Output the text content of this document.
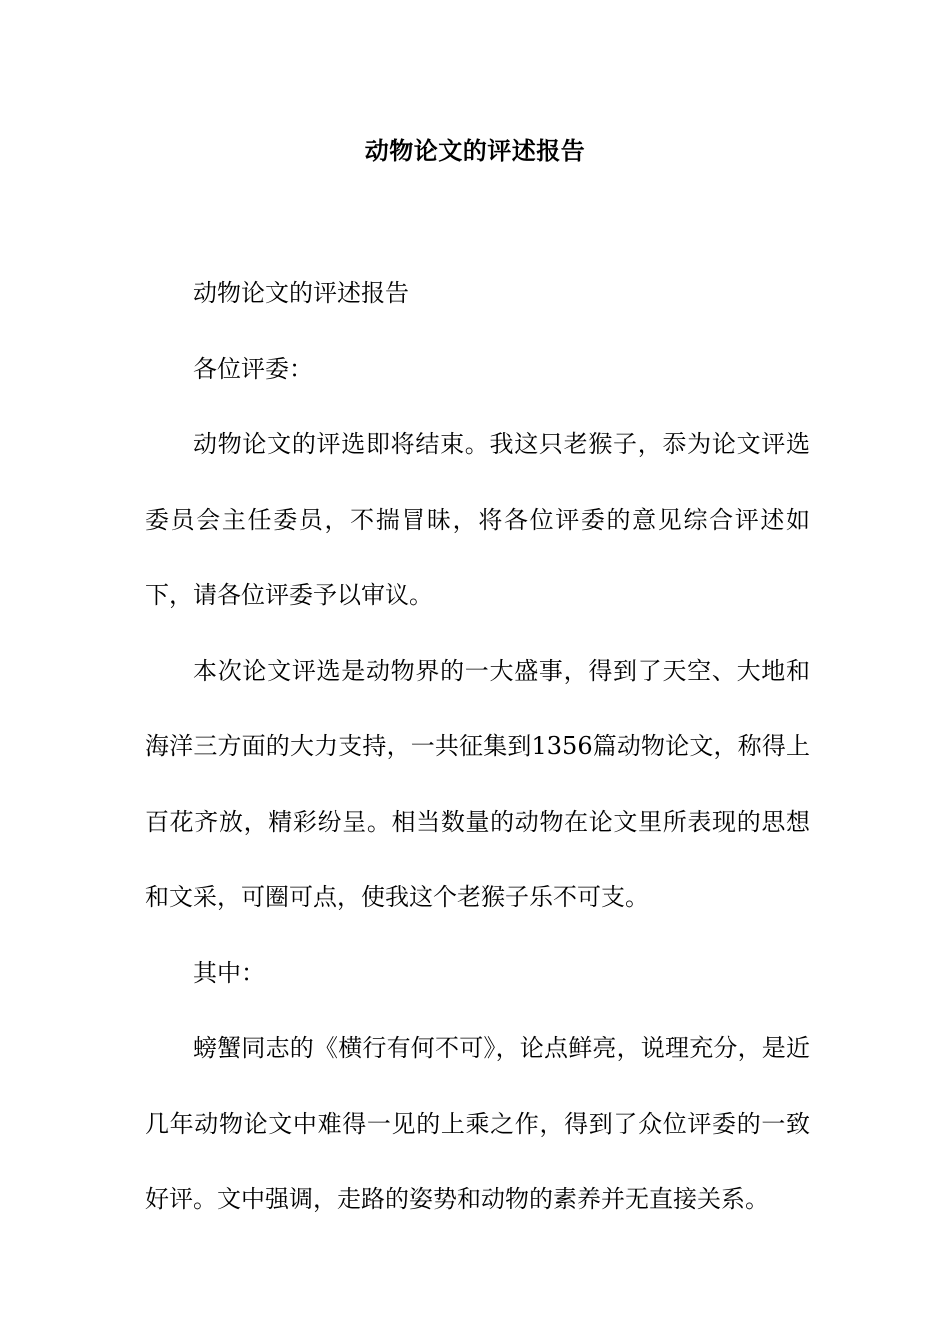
动物论文的评述报告

动物论文的评述报告

各位评委：

动物论文的评选即将结束。我这只老猴子，忝为论文评选委员会主任委员，不揣冒昧，将各位评委的意见综合评述如下，请各位评委予以审议。

本次论文评选是动物界的一大盛事，得到了天空、大地和海洋三方面的大力支持，一共征集到1356篇动物论文，称得上百花齐放，精彩纷呈。相当数量的动物在论文里所表现的思想和文采，可圈可点，使我这个老猴子乐不可支。

其中：

螃蟹同志的《横行有何不可》，论点鲜亮，说理充分，是近几年动物论文中难得一见的上乘之作，得到了众位评委的一致好评。文中强调，走路的姿势和动物的素养并无直接关系。
